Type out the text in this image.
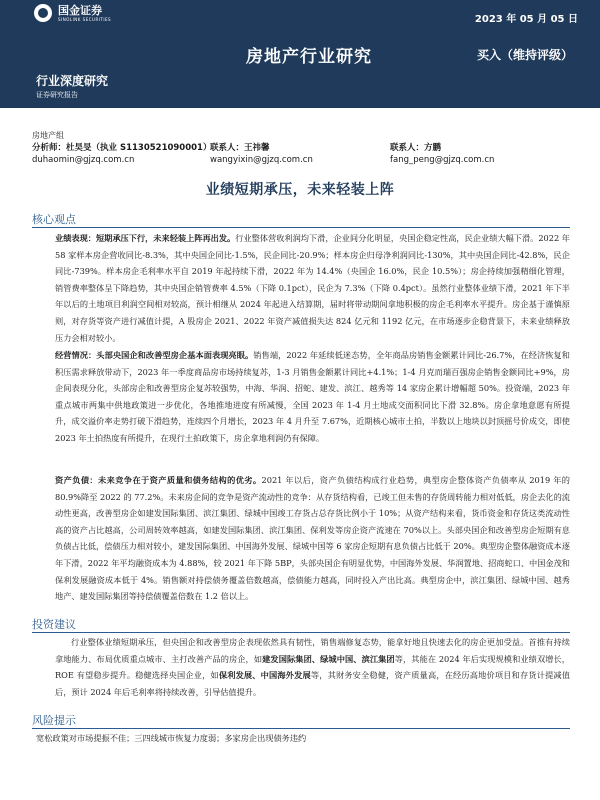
国金证券
SINOLINK SECURITIES	2023 年 05 月 05 日
房地产行业研究	买入（维持评级）
行业深度研究
证券研究报告
房地产组
分析师：杜昊旻（执业 S1130521090001）
联系人：王祎馨	联系人：方鹏
duhaomin@gjzq.com.cn	wangyixin@gjzq.com.cn	fang_peng@gjzq.com.cn
业绩短期承压，未来轻装上阵
核心观点
业绩表现：短期承压下行，未来轻装上阵再出发。行业整体营收利润均下滑，企业间分化明显，央国企稳定性高，民企业绩大幅下滑。2022 年 58 家样本房企营收同比-8.3%，其中央国企同比-1.5%，民企同比-20.9%；样本房企归母净利润同比-130%，其中央国企同比-42.8%，民企同比-739%。样本房企毛利率水平自 2019 年起持续下滑，2022 年为 14.4%（央国企 16.0%，民企 10.5%）；房企持续加强精细化管理，销管费率整体呈下降趋势，其中央国企销管费率 4.5%（下降 0.1pct），民企为 7.3%（下降 0.4pct）。虽然行业整体业绩下滑，2021 年下半年以后的土地项目利润空间相对较高，预计相继从 2024 年起进入结算期，届时将带动期间拿地积极的房企毛利率水平提升。房企基于谨慎原则，对存货等资产进行减值计提，A 股房企 2021、2022 年资产减值损失达 824 亿元和 1192 亿元，在市场逐步企稳背景下，未来业绩释放压力会相对较小。
经营情况：头部央国企和改善型房企基本面表现亮眼。销售端，2022 年延续低迷态势，全年商品房销售金额累计同比-26.7%，在经济恢复和积压需求释放带动下，2023 年一季度商品房市场持续复苏，1-3 月销售金额累计同比+4.1%；1-4 月克而瑞百强房企销售金额同比+9%，房企间表现分化，头部房企和改善型房企复苏较强势，中海、华润、招蛇、建发、滨江、越秀等 14 家房企累计增幅超 50%。投资端，2023 年重点城市两集中供地政策进一步优化，各地推地进度有所减慢，全国 2023 年 1-4 月土地成交面积同比下滑 32.8%。房企拿地意愿有所提升，成交溢价率走势打破下滑趋势，连续四个月增长，2023 年 4 月升至 7.67%，近期核心城市土拍，半数以上地块以封顶摇号价成交，即使 2023 年土拍热度有所提升，在现行土拍政策下，房企拿地利润仍有保障。
资产负债：未来竞争在于资产质量和债务结构的优劣。2021 年以后，资产负债结构成行业趋势，典型房企整体资产负债率从 2019 年的 80.9%降至 2022 的 77.2%。未来房企间的竞争是资产流动性的竞争：从存货结构看，已竣工但未售的存货周转能力相对低低，房企去化的流动性更高，改善型房企如建发国际集团、滨江集团、绿城中国竣工存货占总存货比例小于 10%；从资产结构来看，货币资金和存货这类流动性高的资产占比越高，公司周转效率越高，如建发国际集团、滨江集团、保利发等房企资产流速在 70%以上。头部央国企和改善型房企短期有息负债占比低，偿债压力相对较小，建发国际集团、中国海外发展、绿城中国等 6 家房企短期有息负债占比低于 20%。典型房企整体融资成本逐年下滑，2022 年平均融资成本为 4.88%，较 2021 年下降 5BP，头部央国企有明显优势，中国海外发展、华润置地、招商蛇口、中国金茂和保利发展融资成本低于 4%。销售额对持偿债务覆盖倍数越高，偿债能力越高，同时投入产出比高。典型房企中，滨江集团、绿城中国、越秀地产、建发国际集团等持偿债覆盖倍数在 1.2 倍以上。
投资建议
行业整体业绩短期承压，但央国企和改善型房企表现依然具有韧性，销售端修复态势，能拿好地且快速去化的房企更加受益。首推有持续拿地能力、布局优质重点城市、主打改善产品的房企，如建发国际集团、绿城中国、滨江集团等，其能在 2024 年后实现规模和业绩双增长，ROE 有望稳步提升。稳健选择央国企业，如保利发展、中国海外发展等，其财务安全稳健，资产质量高，在经历高地价项目和存货计提减值后，预计 2024 年后毛利率将持续改善，引导估值提升。
风险提示
宽松政策对市场提振不佳；三四线城市恢复力度弱；多家房企出现债务违约
